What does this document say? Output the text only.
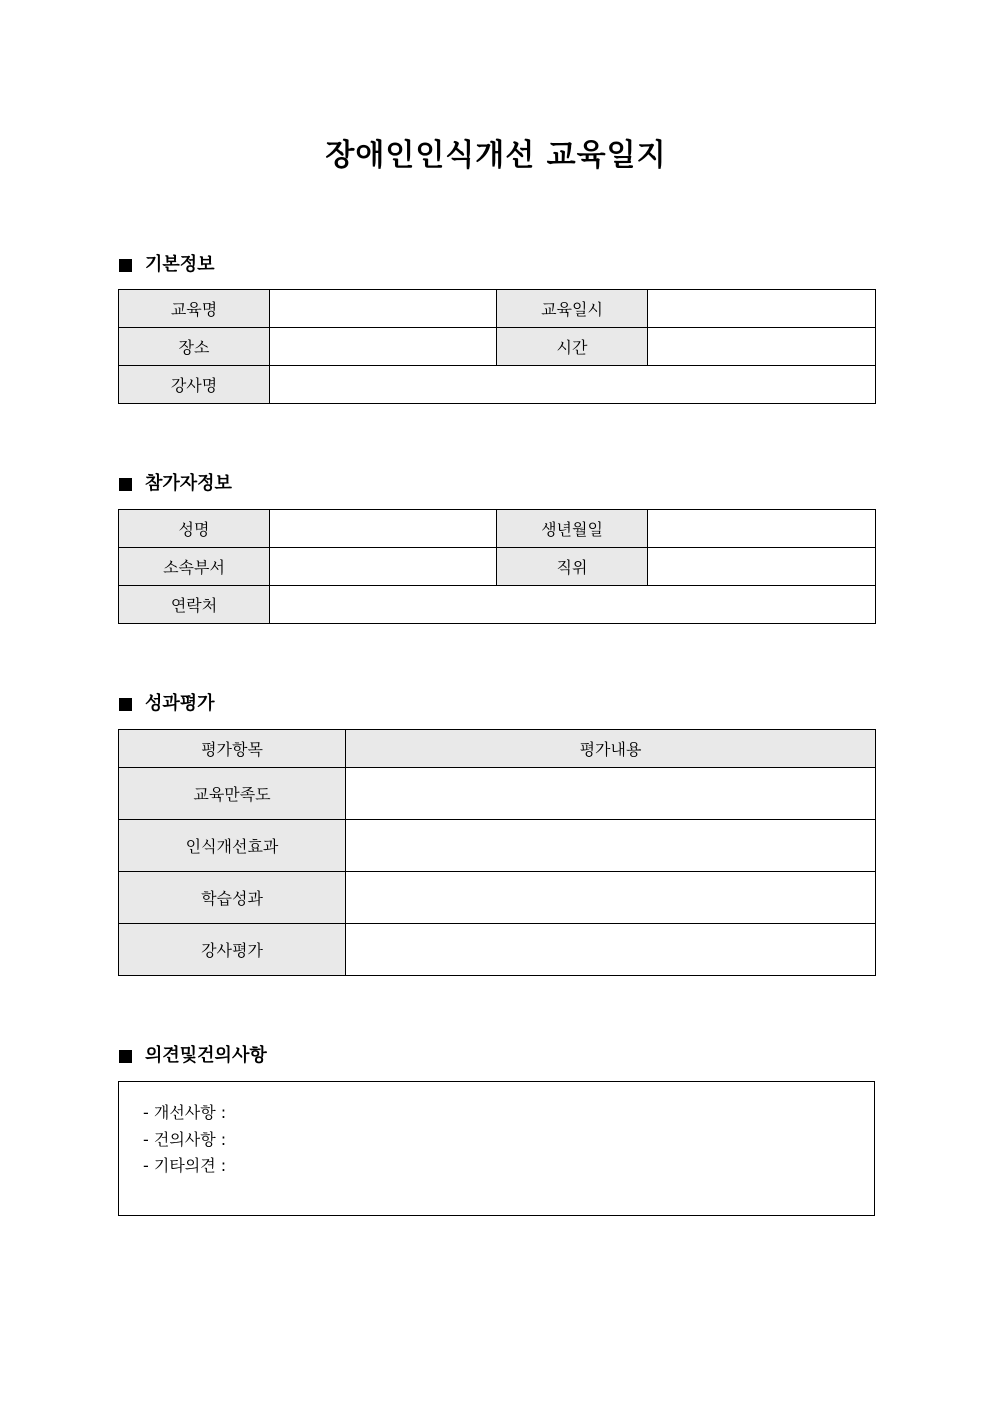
장애인인식개선 교육일지
기본정보
교육명		교육일시	
장소		시간	
강사명			
참가자정보
성명		생년월일	
소속부서		직위	
연락처			
성과평가
평가항목	평가내용
교육만족도	
인식개선효과	
학습성과	
강사평가	
의견및건의사항
- 개선사항 :
- 건의사항 :
- 기타의견 :
